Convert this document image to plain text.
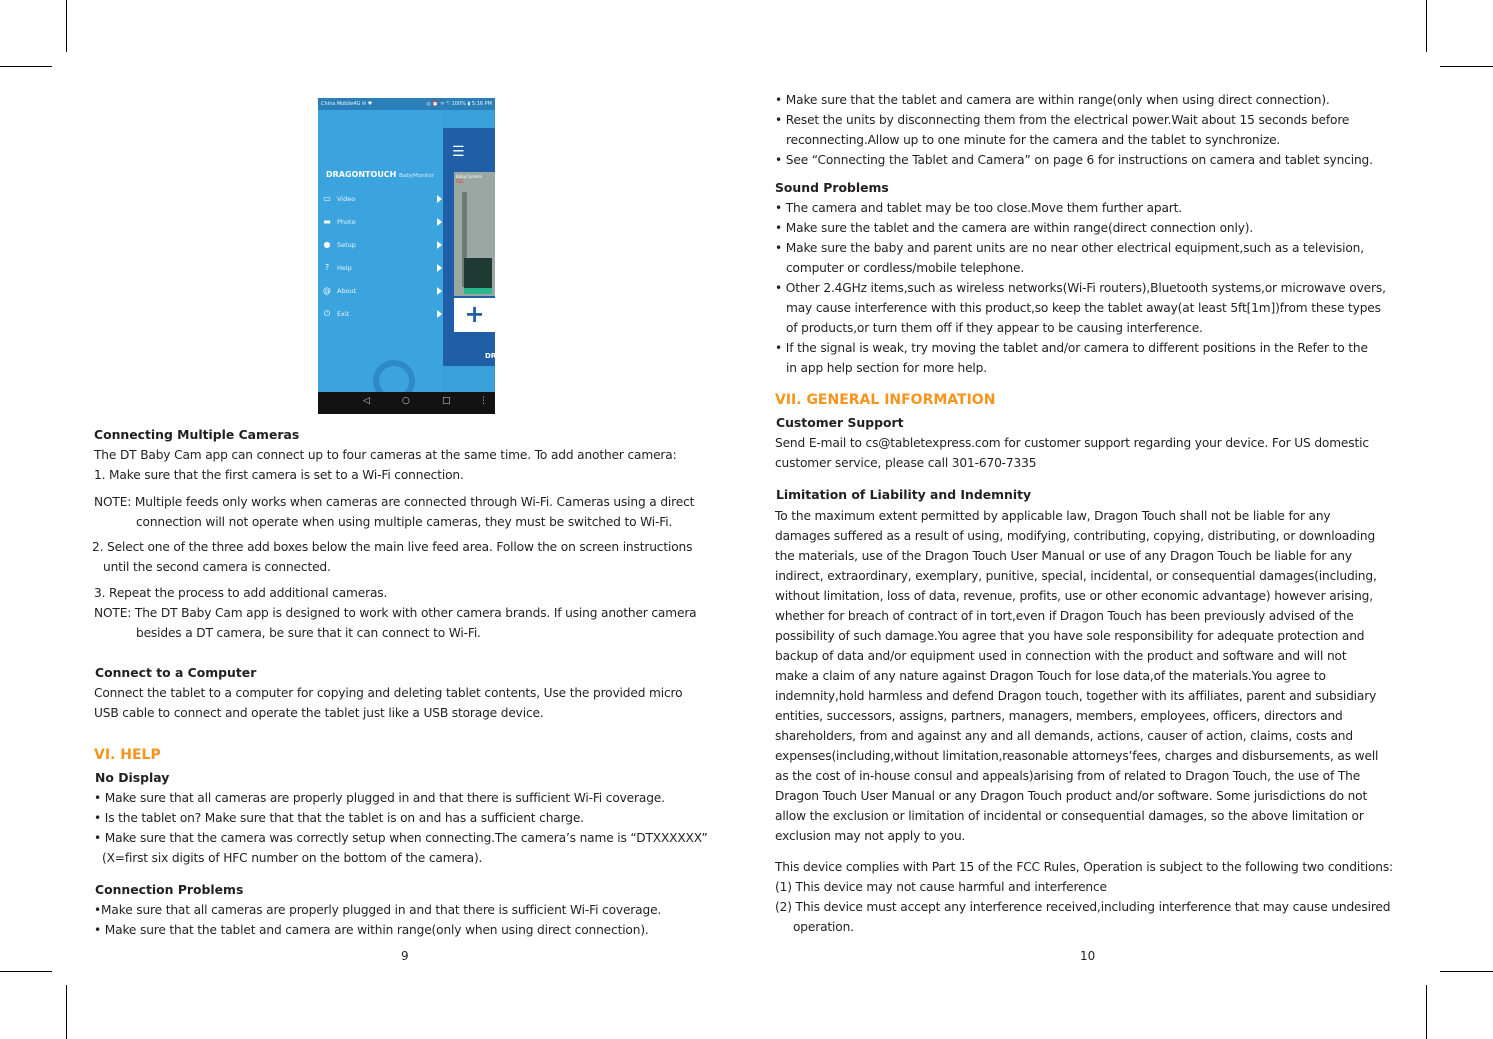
China Mobile4G ✉ ♥	◎ ⏰ ᯤ ⁴ⁱₗ 100% ▮ 5:16 PM
DRAGONTOUCH BabyMonitor
▭ Video
▬ Photo
● Setup
?	Help
@ About
⏻ Exit
☰
BabyCamera
REC
+
DR
◁	○	□	⋮
Connecting Multiple Cameras
The DT Baby Cam app can connect up to four cameras at the same time. To add another camera:
1. Make sure that the first camera is set to a Wi-Fi connection.
NOTE: Multiple feeds only works when cameras are connected through Wi-Fi. Cameras using a direct
connection will not operate when using multiple cameras, they must be switched to Wi-Fi.
2. Select one of the three add boxes below the main live feed area. Follow the on screen instructions
until the second camera is connected.
3. Repeat the process to add additional cameras.
NOTE: The DT Baby Cam app is designed to work with other camera brands. If using another camera
besides a DT camera, be sure that it can connect to Wi-Fi.
Connect to a Computer
Connect the tablet to a computer for copying and deleting tablet contents, Use the provided micro
USB cable to connect and operate the tablet just like a USB storage device.
VI. HELP
No Display
• Make sure that all cameras are properly plugged in and that there is sufficient Wi-Fi coverage.
• Is the tablet on? Make sure that that the tablet is on and has a sufficient charge.
• Make sure that the camera was correctly setup when connecting.The camera’s name is “DTXXXXXX”
(X=first six digits of HFC number on the bottom of the camera).
Connection Problems
•Make sure that all cameras are properly plugged in and that there is sufficient Wi-Fi coverage.
• Make sure that the tablet and camera are within range(only when using direct connection).
9
• Make sure that the tablet and camera are within range(only when using direct connection).
• Reset the units by disconnecting them from the electrical power.Wait about 15 seconds before
reconnecting.Allow up to one minute for the camera and the tablet to synchronize.
• See “Connecting the Tablet and Camera” on page 6 for instructions on camera and tablet syncing.
Sound Problems
• The camera and tablet may be too close.Move them further apart.
• Make sure the tablet and the camera are within range(direct connection only).
• Make sure the baby and parent units are no near other electrical equipment,such as a television,
computer or cordless/mobile telephone.
• Other 2.4GHz items,such as wireless networks(Wi-Fi routers),Bluetooth systems,or microwave overs,
may cause interference with this product,so keep the tablet away(at least 5ft[1m])from these types
of products,or turn them off if they appear to be causing interference.
• If the signal is weak, try moving the tablet and/or camera to different positions in the Refer to the
in app help section for more help.
VII. GENERAL INFORMATION
Customer Support
Send E-mail to cs@tabletexpress.com for customer support regarding your device. For US domestic
customer service, please call 301-670-7335
Limitation of Liability and Indemnity
To the maximum extent permitted by applicable law, Dragon Touch shall not be liable for any
damages suffered as a result of using, modifying, contributing, copying, distributing, or downloading
the materials, use of the Dragon Touch User Manual or use of any Dragon Touch be liable for any
indirect, extraordinary, exemplary, punitive, special, incidental, or consequential damages(including,
without limitation, loss of data, revenue, profits, use or other economic advantage) however arising,
whether for breach of contract of in tort,even if Dragon Touch has been previously advised of the
possibility of such damage.You agree that you have sole responsibility for adequate protection and
backup of data and/or equipment used in connection with the product and software and will not
make a claim of any nature against Dragon Touch for lose data,of the materials.You agree to
indemnity,hold harmless and defend Dragon touch, together with its affiliates, parent and subsidiary
entities, successors, assigns, partners, managers, members, employees, officers, directors and
shareholders, from and against any and all demands, actions, causer of action, claims, costs and
expenses(including,without limitation,reasonable attorneys’fees, charges and disbursements, as well
as the cost of in-house consul and appeals)arising from of related to Dragon Touch, the use of The
Dragon Touch User Manual or any Dragon Touch product and/or software. Some jurisdictions do not
allow the exclusion or limitation of incidental or consequential damages, so the above limitation or
exclusion may not apply to you.
This device complies with Part 15 of the FCC Rules, Operation is subject to the following two conditions:
(1) This device may not cause harmful and interference
(2) This device must accept any interference received,including interference that may cause undesired
operation.
10
